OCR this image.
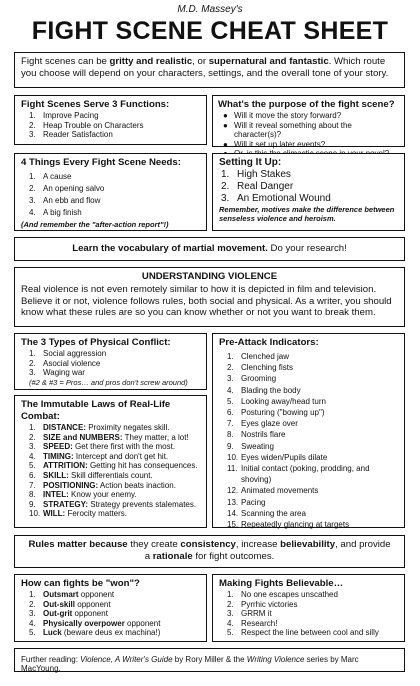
M.D. Massey's
FIGHT SCENE CHEAT SHEET
Fight scenes can be gritty and realistic, or supernatural and fantastic. Which route you choose will depend on your characters, settings, and the overall tone of your story.
Fight Scenes Serve 3 Functions:
1. Improve Pacing
2. Heap Trouble on Characters
3. Reader Satisfaction
What's the purpose of the fight scene?
● Will it move the story forward?
● Will it reveal something about the character(s)?
● Will it set up later events?
4 Things Every Fight Scene Needs:
1. A cause
2. An opening salvo
3. An ebb and flow
4. A big finish
(And remember the "after-action report"!)
Setting It Up:
1. High Stakes
2. Real Danger
3. An Emotional Wound
Remember, motives make the difference between senseless violence and heroism.
Learn the vocabulary of martial movement. Do your research!
UNDERSTANDING VIOLENCE
Real violence is not even remotely similar to how it is depicted in film and television. Believe it or not, violence follows rules, both social and physical. As a writer, you should know what these rules are so you can know whether or not you want to break them.
The 3 Types of Physical Conflict:
1. Social aggression
2. Asocial violence
3. Waging war
(#2 & #3 = Pros… and pros don't screw around)
The Immutable Laws of Real-Life
Combat:
1. DISTANCE: Proximity negates skill.
2. SIZE and NUMBERS: They matter, a lot!
3. SPEED: Get there first with the most.
4. TIMING: Intercept and don't get hit.
5. ATTRITION: Getting hit has consequences.
6. SKILL: Skill differentials count.
7. POSITIONING: Action beats inaction.
8. INTEL: Know your enemy.
9. STRATEGY: Strategy prevents stalemates.
10. WILL: Ferocity matters.
Pre-Attack Indicators:
1. Clenched jaw
2. Clenching fists
3. Grooming
4. Blading the body
5. Looking away/head turn
6. Posturing ("bowing up")
7. Eyes glaze over
8. Nostrils flare
9. Sweating
10. Eyes widen/Pupils dilate
11. Initial contact (poking, prodding, and shoving)
12. Animated movements
13. Pacing
14. Scanning the area
15. Repeatedly glancing at targets
Rules matter because they create consistency, increase believability, and provide a rationale for fight outcomes.
How can fights be "won"?
1. Outsmart opponent
2. Out-skill opponent
3. Out-grit opponent
4. Physically overpower opponent
5. Luck (beware deus ex machina!)
Making Fights Believable…
1. No one escapes unscathed
2. Pyrrhic victories
3. GRRM it
4. Research!
5. Respect the line between cool and silly
Further reading: Violence, A Writer's Guide by Rory Miller & the Writing Violence series by Marc MacYoung.
